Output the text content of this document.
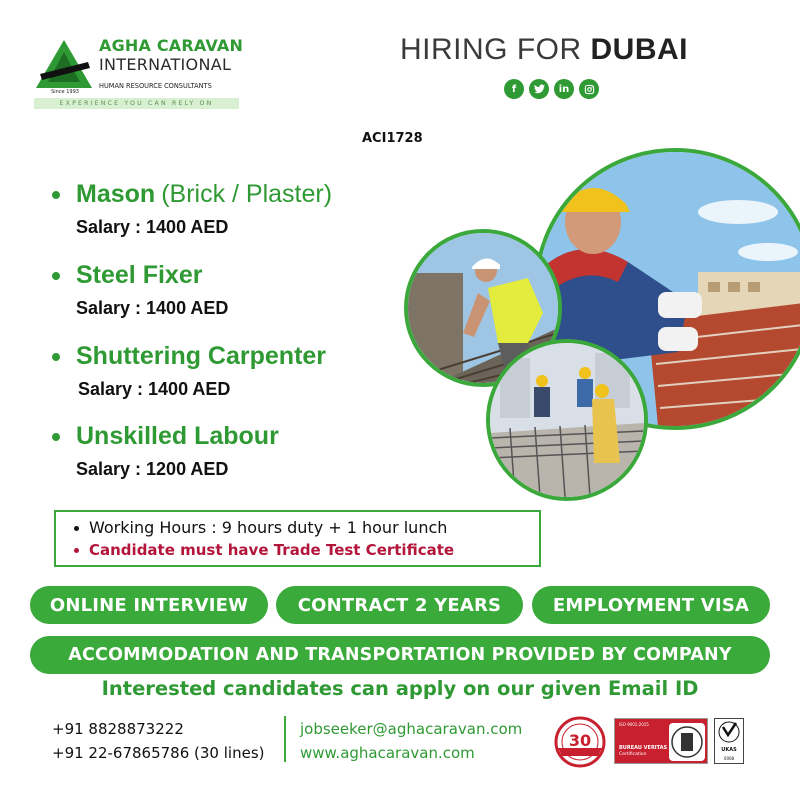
Since 1993
AGHA CARAVAN
INTERNATIONAL
HUMAN RESOURCE CONSULTANTS
EXPERIENCE YOU CAN RELY ON
HIRING FOR DUBAI
f	in
ACI1728
Mason (Brick / Plaster)
Salary : 1400 AED
Steel Fixer
Salary : 1400 AED
Shuttering Carpenter
Salary : 1400 AED
Unskilled Labour
Salary : 1200 AED
Working Hours : 9 hours duty + 1 hour lunch
Candidate must have Trade Test Certificate
ONLINE INTERVIEW	CONTRACT 2 YEARS	EMPLOYMENT VISA
ACCOMMODATION AND TRANSPORTATION PROVIDED BY COMPANY
Interested candidates can apply on our given Email ID
+91 8828873222
+91 22-67865786 (30 lines)
jobseeker@aghacaravan.com
www.aghacaravan.com
30
ISO 9001:2015
BUREAU VERITAS
Certification
UKAS
0008
